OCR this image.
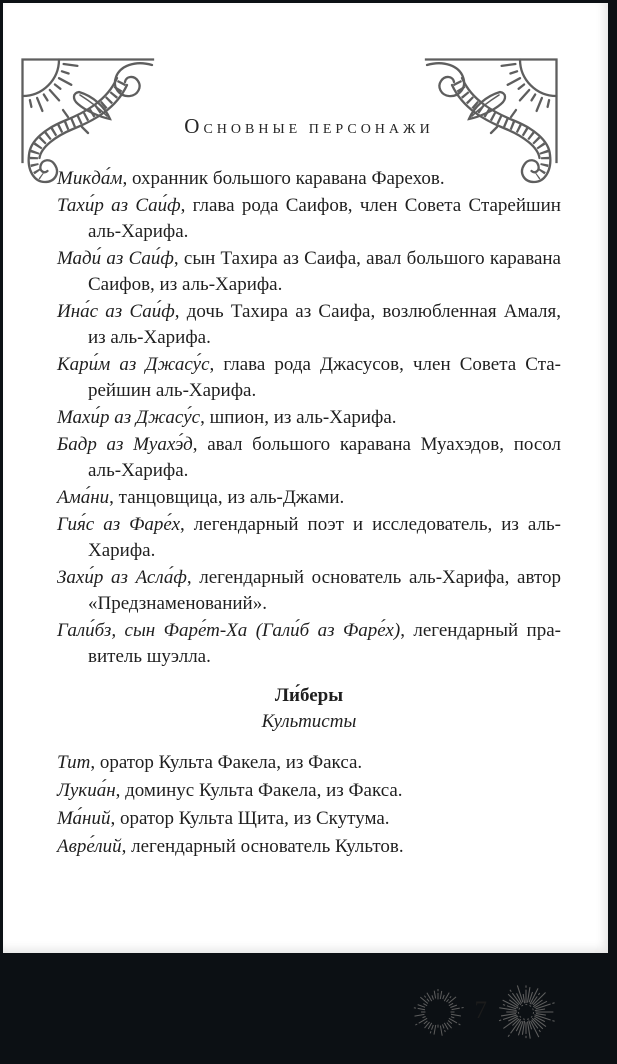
ОСНОВНЫЕ ПЕРСОНАЖИ

Микда́м, охранник большого каравана Фарехов.

Тахи́р аз Саи́ф, глава рода Саифов, член Совета Старейшин аль-Харифа.

Мади́ аз Саи́ф, сын Тахира аз Саифа, авал большого каравана Саифов, из аль-Харифа.

Ина́с аз Саи́ф, дочь Тахира аз Саифа, возлюбленная Амаля, из аль-Харифа.

Кари́м аз Джасу́с, глава рода Джасусов, член Совета Старейшин аль-Харифа.

Махи́р аз Джасу́с, шпион, из аль-Харифа.

Бадр аз Муахэ́д, авал большого каравана Муахэдов, посол аль-Харифа.

Ама́ни, танцовщица, из аль-Джами.

Гия́с аз Фаре́х, легендарный поэт и исследователь, из аль-Харифа.

Захи́р аз Асла́ф, легендарный основатель аль-Харифа, автор «Предзнаменований».

Гали́бз, сын Фаре́т-Ха (Гали́б аз Фаре́х), легендарный правитель шуэлла.

Ли́беры
Культисты

Тит, оратор Культа Факела, из Факса.

Лукиа́н, доминус Культа Факела, из Факса.

Ма́ний, оратор Культа Щита, из Скутума.

Авре́лий, легендарный основатель Культов.

7
